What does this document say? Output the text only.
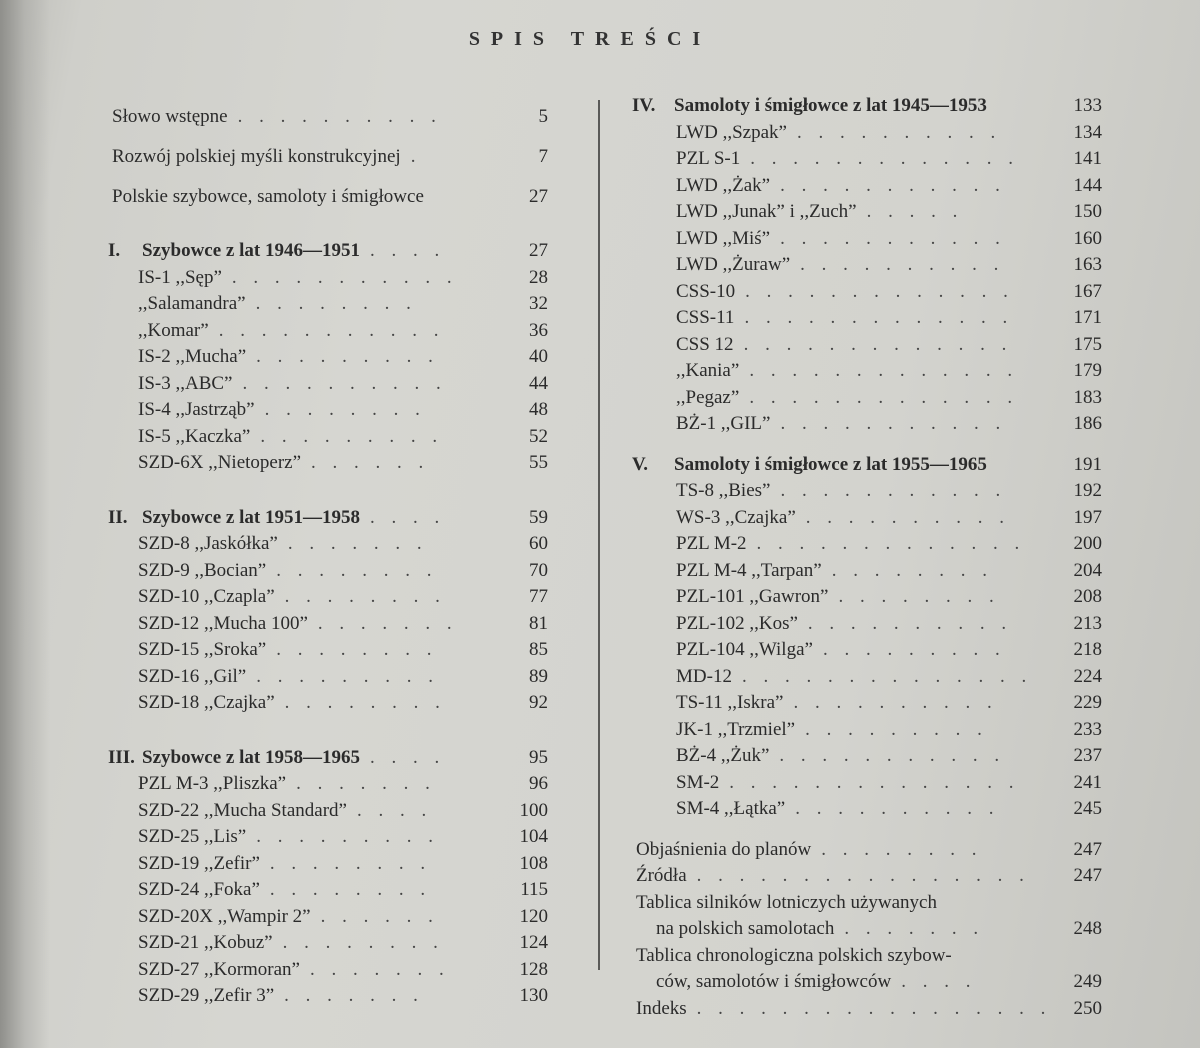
SPIS TREŚCI
Słowo wstępne . . . . . . . . . .	5
Rozwój polskiej myśli konstrukcyjnej .	7
Polskie szybowce, samoloty i śmigłowce	27
I. Szybowce z lat 1946—1951 . . . .	27
IS-1 ,,Sęp” . . . . . . . . . . .	28
,,Salamandra” . . . . . . . .	32
,,Komar” . . . . . . . . . . .	36
IS-2 ,,Mucha” . . . . . . . . .	40
IS-3 ,,ABC” . . . . . . . . . .	44
IS-4 ,,Jastrząb” . . . . . . . .	48
IS-5 ,,Kaczka” . . . . . . . . .	52
SZD-6X ,,Nietoperz” . . . . . .	55
II. Szybowce z lat 1951—1958 . . . .	59
SZD-8 ,,Jaskółka” . . . . . . .	60
SZD-9 ,,Bocian” . . . . . . . .	70
SZD-10 ,,Czapla” . . . . . . . .	77
SZD-12 ,,Mucha 100” . . . . . . .	81
SZD-15 ,,Sroka” . . . . . . . .	85
SZD-16 ,,Gil” . . . . . . . . .	89
SZD-18 ,,Czajka” . . . . . . . .	92
III. Szybowce z lat 1958—1965 . . . .	95
PZL M-3 ,,Pliszka” . . . . . . .	96
SZD-22 ,,Mucha Standard” . . . .	100
SZD-25 ,,Lis” . . . . . . . . .	104
SZD-19 ,,Zefir” . . . . . . . .	108
SZD-24 ,,Foka” . . . . . . . .	115
SZD-20X ,,Wampir 2” . . . . . .	120
SZD-21 ,,Kobuz” . . . . . . . .	124
SZD-27 ,,Kormoran” . . . . . . .	128
SZD-29 ,,Zefir 3” . . . . . . .	130
IV. Samoloty i śmigłowce z lat 1945—1953	133
LWD ,,Szpak” . . . . . . . . . .	134
PZL S-1 . . . . . . . . . . . . .	141
LWD ,,Żak” . . . . . . . . . . .	144
LWD ,,Junak” i ,,Zuch” . . . . .	150
LWD ,,Miś” . . . . . . . . . . .	160
LWD ,,Żuraw” . . . . . . . . . .	163
CSS-10 . . . . . . . . . . . . .	167
CSS-11 . . . . . . . . . . . . .	171
CSS 12 . . . . . . . . . . . . .	175
,,Kania” . . . . . . . . . . . . .	179
,,Pegaz” . . . . . . . . . . . . .	183
BŻ-1 ,,GIL” . . . . . . . . . . .	186
V. Samoloty i śmigłowce z lat 1955—1965	191
TS-8 ,,Bies” . . . . . . . . . . .	192
WS-3 ,,Czajka” . . . . . . . . . .	197
PZL M-2 . . . . . . . . . . . . .	200
PZL M-4 ,,Tarpan” . . . . . . . .	204
PZL-101 ,,Gawron” . . . . . . . .	208
PZL-102 ,,Kos” . . . . . . . . . .	213
PZL-104 ,,Wilga” . . . . . . . . .	218
MD-12 . . . . . . . . . . . . . . 224
TS-11 ,,Iskra” . . . . . . . . . .	229
JK-1 ,,Trzmiel” . . . . . . . . .	233
BŻ-4 ,,Żuk” . . . . . . . . . . .	237
SM-2 . . . . . . . . . . . . . .	241
SM-4 ,,Łątka” . . . . . . . . . .	245
Objaśnienia do planów . . . . . . . .	247
Źródła . . . . . . . . . . . . . . . . 247
Tablica silników lotniczych używanych
na polskich samolotach . . . . . . .	248
Tablica chronologiczna polskich szybow-
ców, samolotów i śmigłowców . . . .	249
Indeks . . . . . . . . . . . . . . . . . 250
